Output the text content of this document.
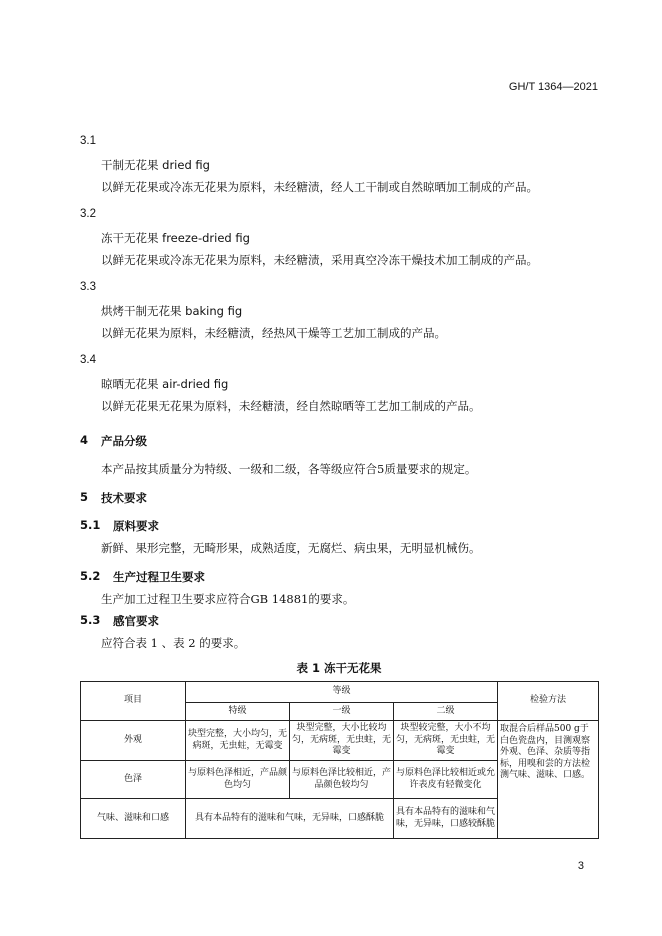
GH/T 1364—2021
3.1
干制无花果 dried fig
以鲜无花果或冷冻无花果为原料，未经糖渍，经人工干制或自然晾晒加工制成的产品。
3.2
冻干无花果 freeze-dried fig
以鲜无花果或冷冻无花果为原料，未经糖渍，采用真空冷冻干燥技术加工制成的产品。
3.3
烘烤干制无花果 baking fig
以鲜无花果为原料，未经糖渍，经热风干燥等工艺加工制成的产品。
3.4
晾晒无花果 air-dried fig
以鲜无花果无花果为原料，未经糖渍，经自然晾晒等工艺加工制成的产品。
4 产品分级
本产品按其质量分为特级、一级和二级，各等级应符合5质量要求的规定。
5 技术要求
5.1 原料要求
新鲜、果形完整，无畸形果，成熟适度，无腐烂、病虫果，无明显机械伤。
5.2 生产过程卫生要求
生产加工过程卫生要求应符合GB 14881的要求。
5.3 感官要求
应符合表 1 、表 2 的要求。
表 1 冻干无花果
项目	等级			检验方法
	特级	一级	二级	
外观	块型完整，大小均匀，无病斑，无虫蛀，无霉变	块型完整，大小比较均匀，无病斑，无虫蛀，无霉变	块型较完整，大小不均匀，无病斑，无虫蛀，无霉变	取混合后样品500 g于白色瓷盘内，目测观察外观、色泽、杂质等指标，用嗅和尝的方法检测气味、滋味、口感。
色泽	与原料色泽相近，产品颜色均匀	与原料色泽比较相近，产品颜色较均匀	与原料色泽比较相近或允许表皮有轻微变化	
气味、滋味和口感	具有本品特有的滋味和气味，无异味，口感酥脆		具有本品特有的滋味和气味，无异味，口感较酥脆	
3
